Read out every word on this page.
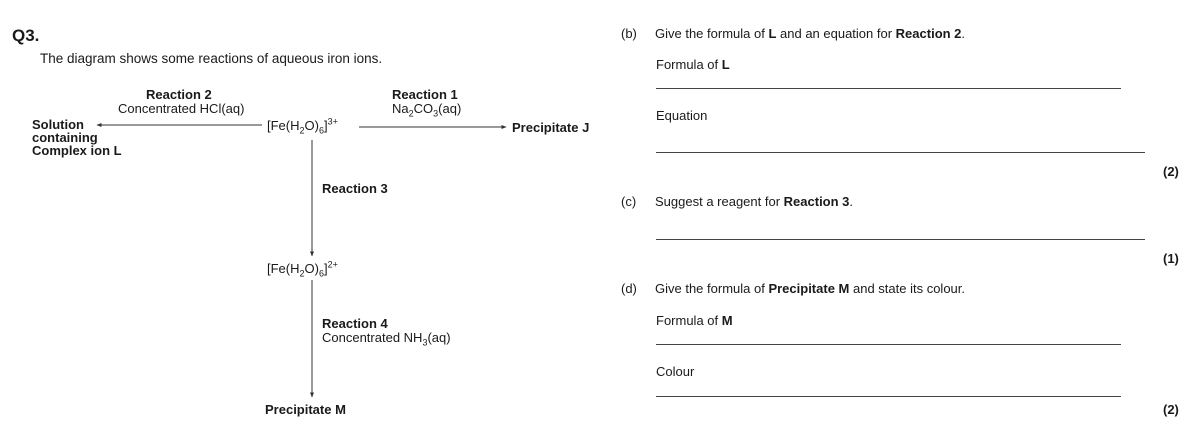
Q3.
The diagram shows some reactions of aqueous iron ions.
$[Fe(H_2O)_6]^{3+}$
Reaction 1
$Na_2CO_3(aq)$
Precipitate J
Reaction 2
Concentrated HCl(aq)
Solution
containing
Complex ion L
Reaction 3
$[Fe(H_2O)_6]^{2+}$
Reaction 4
Concentrated $NH_3(aq)$
Precipitate M
(b) Give the formula of L and an equation for Reaction 2.
Formula of L
Equation
(2)
(c) Suggest a reagent for Reaction 3.
(1)
(d) Give the formula of Precipitate M and state its colour.
Formula of M
Colour
(2)
